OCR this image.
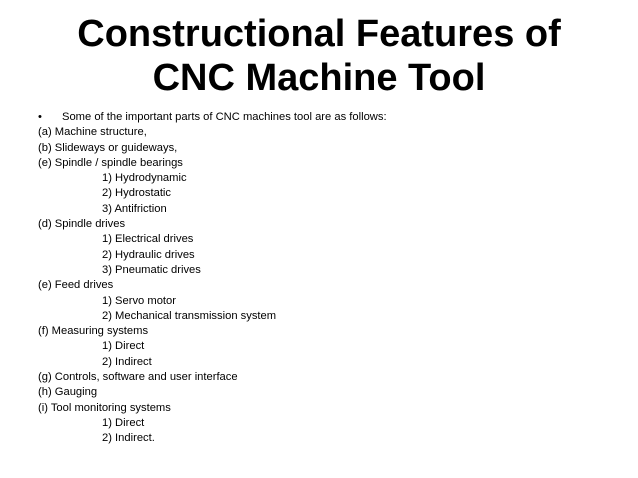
Constructional Features of
CNC Machine Tool
• Some of the important parts of CNC machines tool are as follows:
(a) Machine structure,
(b) Slideways or guideways,
(e) Spindle / spindle bearings
1) Hydrodynamic
2) Hydrostatic
3) Antifriction
(d) Spindle drives
1) Electrical drives
2) Hydraulic drives
3) Pneumatic drives
(e) Feed drives
1) Servo motor
2) Mechanical transmission system
(f) Measuring systems
1) Direct
2) Indirect
(g) Controls, software and user interface
(h) Gauging
(i) Tool monitoring systems
1) Direct
2) Indirect.
